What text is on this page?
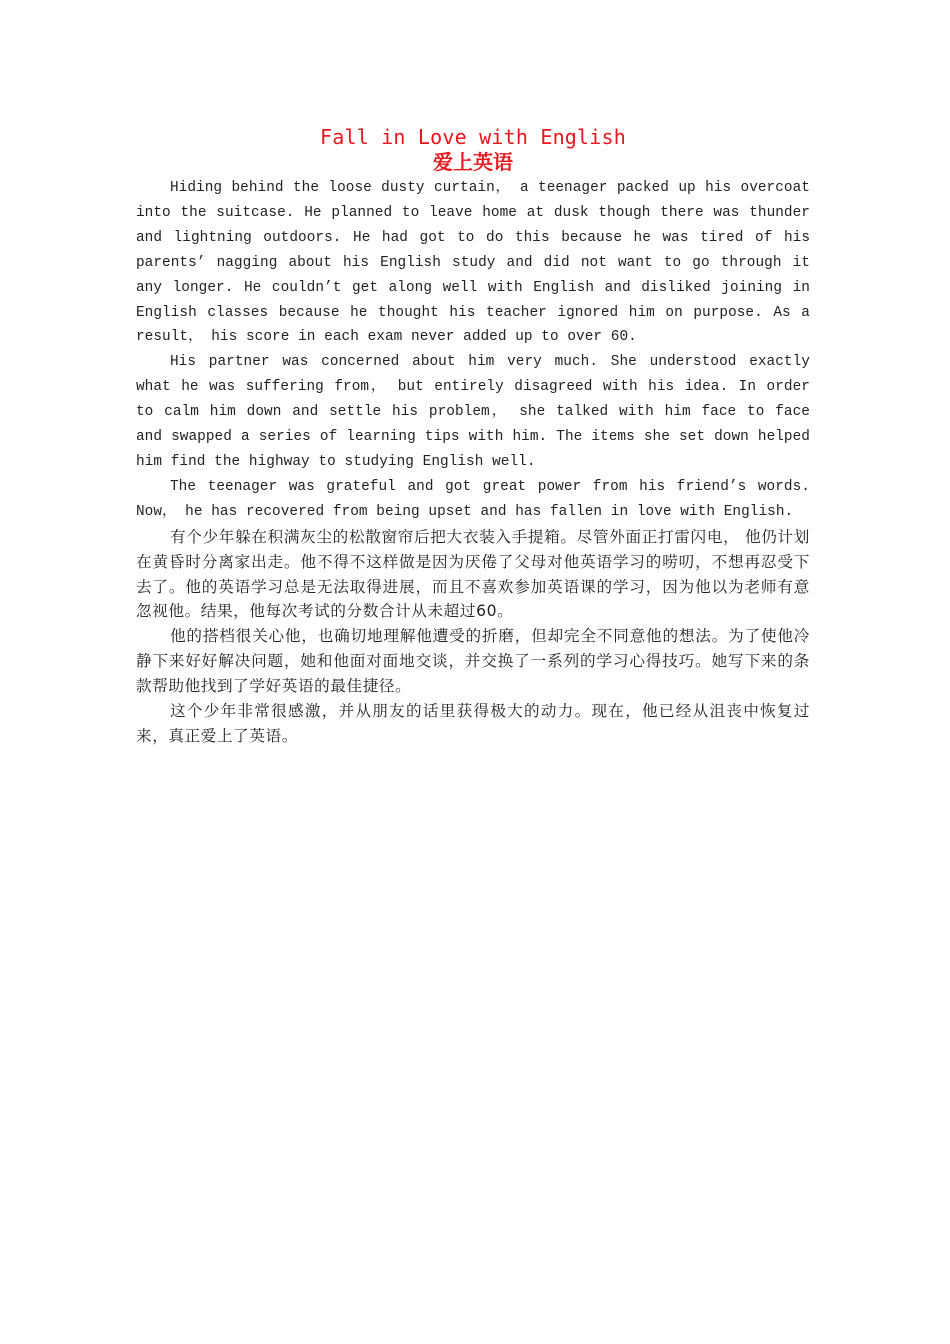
Fall in Love with English
爱上英语

Hiding behind the loose dusty curtain， a teenager packed up his overcoat into the suitcase. He planned to leave home at dusk though there was thunder and lightning outdoors. He had got to do this because he was tired of his parents’ nagging about his English study and did not want to go through it any longer. He couldn’t get along well with English and disliked joining in English classes because he thought his teacher ignored him on purpose. As a result， his score in each exam never added up to over 60.

His partner was concerned about him very much. She understood exactly what he was suffering from， but entirely disagreed with his idea. In order to calm him down and settle his problem， she talked with him face to face and swapped a series of learning tips with him. The items she set down helped him find the highway to studying English well.

The teenager was grateful and got great power from his friend’s words. Now， he has recovered from being upset and has fallen in love with English.

有个少年躲在积满灰尘的松散窗帘后把大衣装入手提箱。尽管外面正打雷闪电， 他仍计划在黄昏时分离家出走。他不得不这样做是因为厌倦了父母对他英语学习的唠叨，不想再忍受下去了。他的英语学习总是无法取得进展，而且不喜欢参加英语课的学习，因为他以为老师有意忽视他。结果，他每次考试的分数合计从未超过60。

他的搭档很关心他，也确切地理解他遭受的折磨，但却完全不同意他的想法。为了使他冷静下来好好解决问题，她和他面对面地交谈，并交换了一系列的学习心得技巧。她写下来的条款帮助他找到了学好英语的最佳捷径。

这个少年非常很感激，并从朋友的话里获得极大的动力。现在，他已经从沮丧中恢复过来，真正爱上了英语。
